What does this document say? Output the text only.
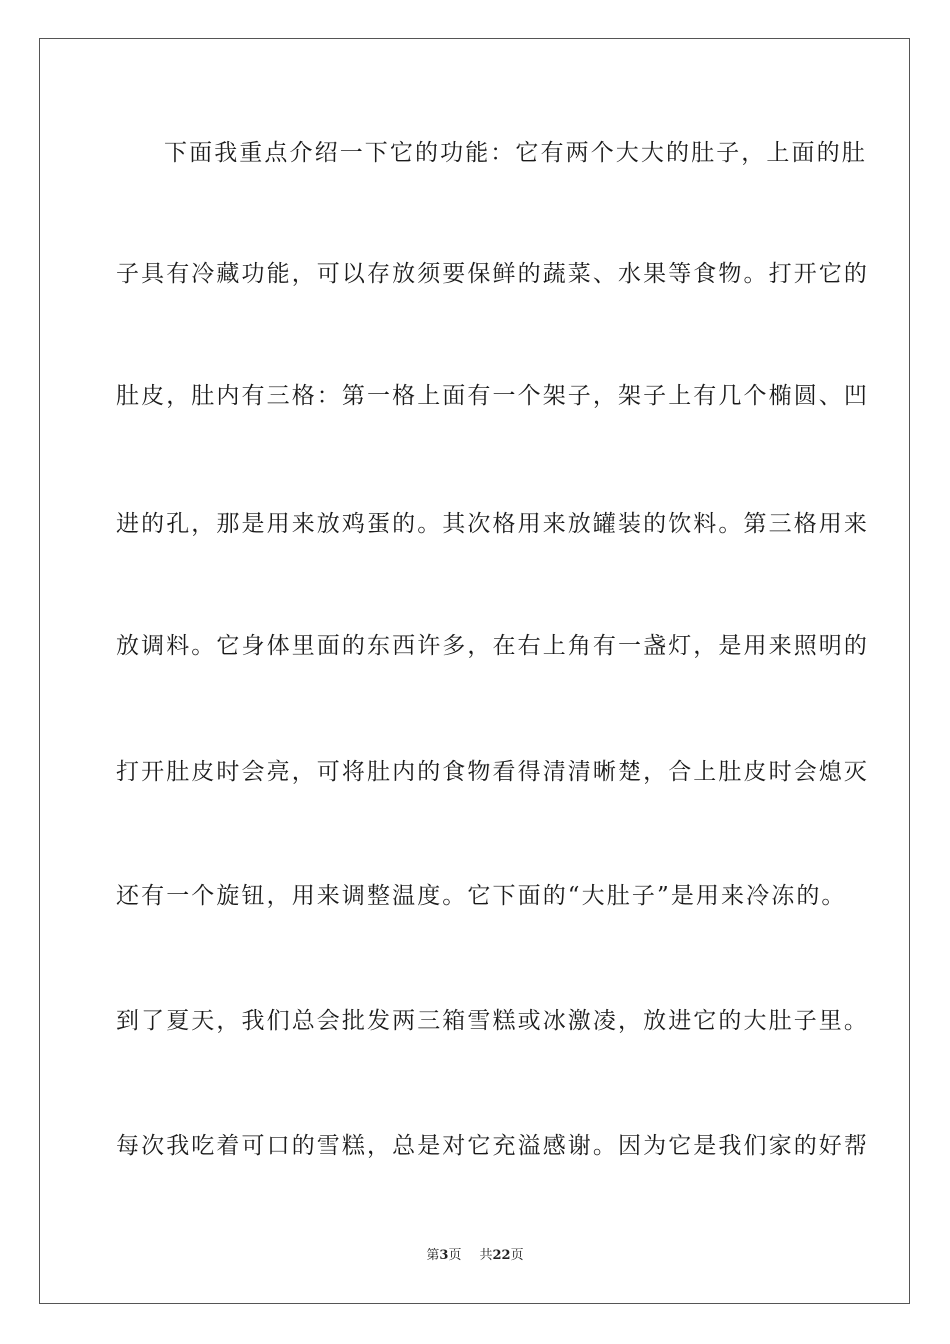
下面我重点介绍一下它的功能：它有两个大大的肚子，上面的肚
子具有冷藏功能，可以存放须要保鲜的蔬菜、水果等食物。打开它的
肚皮，肚内有三格：第一格上面有一个架子，架子上有几个椭圆、凹
进的孔，那是用来放鸡蛋的。其次格用来放罐装的饮料。第三格用来
放调料。它身体里面的东西许多，在右上角有一盏灯，是用来照明的
打开肚皮时会亮，可将肚内的食物看得清清晰楚，合上肚皮时会熄灭
还有一个旋钮，用来调整温度。它下面的“大肚子”是用来冷冻的。
到了夏天，我们总会批发两三箱雪糕或冰激凌，放进它的大肚子里。
每次我吃着可口的雪糕，总是对它充溢感谢。因为它是我们家的好帮
第3页 共22页
